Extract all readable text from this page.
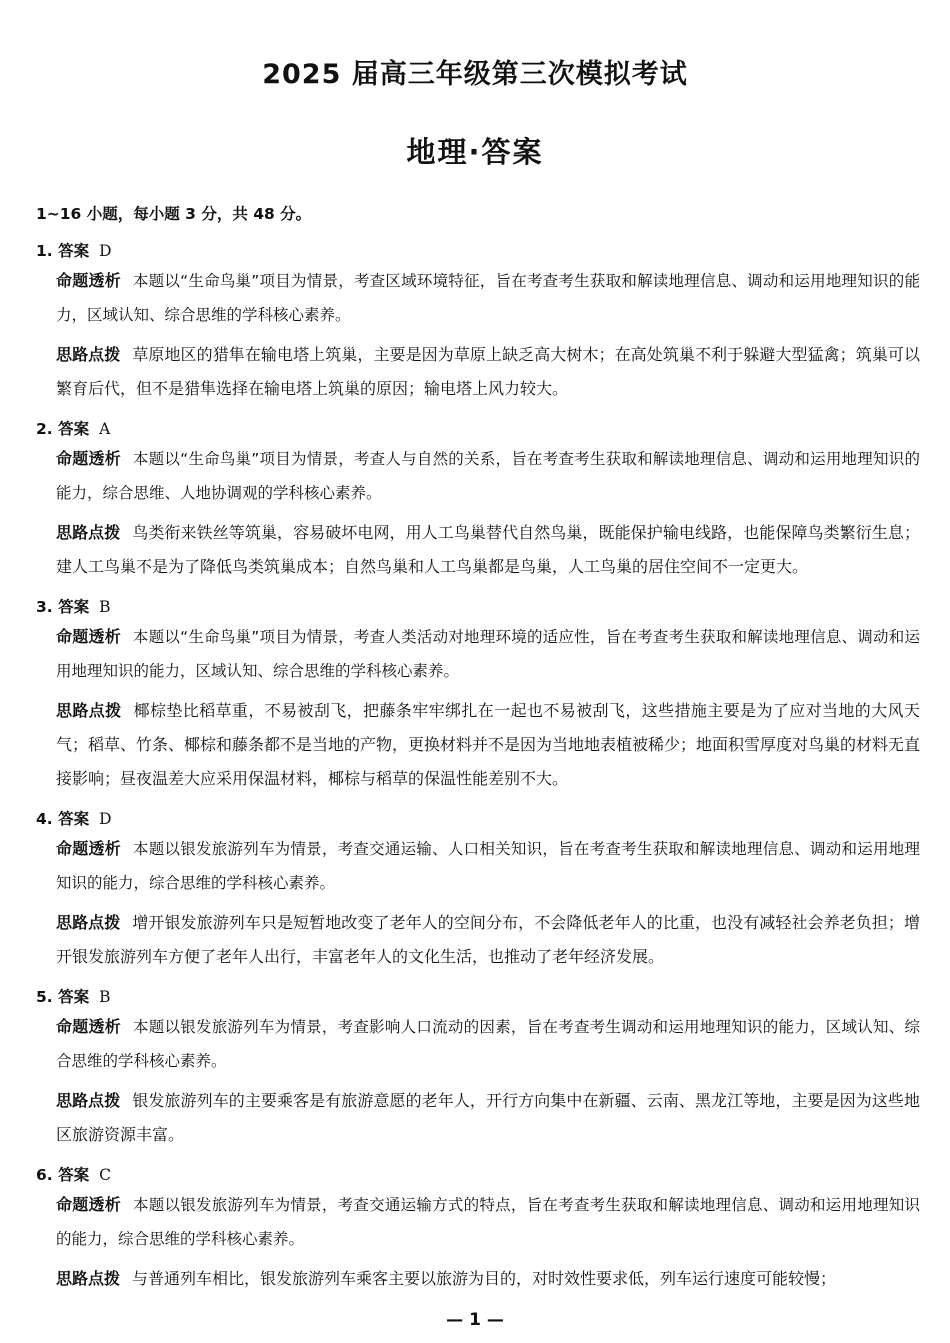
2025 届高三年级第三次模拟考试
地理·答案
1~16 小题，每小题 3 分，共 48 分。
1. 答案 D
命题透析 本题以“生命鸟巢”项目为情景，考查区域环境特征，旨在考查考生获取和解读地理信息、调动和运用地理知识的能力，区域认知、综合思维的学科核心素养。
思路点拨 草原地区的猎隼在输电塔上筑巢，主要是因为草原上缺乏高大树木；在高处筑巢不利于躲避大型猛禽；筑巢可以繁育后代，但不是猎隼选择在输电塔上筑巢的原因；输电塔上风力较大。
2. 答案 A
命题透析 本题以“生命鸟巢”项目为情景，考查人与自然的关系，旨在考查考生获取和解读地理信息、调动和运用地理知识的能力，综合思维、人地协调观的学科核心素养。
思路点拨 鸟类衔来铁丝等筑巢，容易破坏电网，用人工鸟巢替代自然鸟巢，既能保护输电线路，也能保障鸟类繁衍生息；建人工鸟巢不是为了降低鸟类筑巢成本；自然鸟巢和人工鸟巢都是鸟巢，人工鸟巢的居住空间不一定更大。
3. 答案 B
命题透析 本题以“生命鸟巢”项目为情景，考查人类活动对地理环境的适应性，旨在考查考生获取和解读地理信息、调动和运用地理知识的能力，区域认知、综合思维的学科核心素养。
思路点拨 椰棕垫比稻草重，不易被刮飞，把藤条牢牢绑扎在一起也不易被刮飞，这些措施主要是为了应对当地的大风天气；稻草、竹条、椰棕和藤条都不是当地的产物，更换材料并不是因为当地地表植被稀少；地面积雪厚度对鸟巢的材料无直接影响；昼夜温差大应采用保温材料，椰棕与稻草的保温性能差别不大。
4. 答案 D
命题透析 本题以银发旅游列车为情景，考查交通运输、人口相关知识，旨在考查考生获取和解读地理信息、调动和运用地理知识的能力，综合思维的学科核心素养。
思路点拨 增开银发旅游列车只是短暂地改变了老年人的空间分布，不会降低老年人的比重，也没有减轻社会养老负担；增开银发旅游列车方便了老年人出行，丰富老年人的文化生活，也推动了老年经济发展。
5. 答案 B
命题透析 本题以银发旅游列车为情景，考查影响人口流动的因素，旨在考查考生调动和运用地理知识的能力，区域认知、综合思维的学科核心素养。
思路点拨 银发旅游列车的主要乘客是有旅游意愿的老年人，开行方向集中在新疆、云南、黑龙江等地，主要是因为这些地区旅游资源丰富。
6. 答案 C
命题透析 本题以银发旅游列车为情景，考查交通运输方式的特点，旨在考查考生获取和解读地理信息、调动和运用地理知识的能力，综合思维的学科核心素养。
思路点拨 与普通列车相比，银发旅游列车乘客主要以旅游为目的，对时效性要求低，列车运行速度可能较慢；
— 1 —
